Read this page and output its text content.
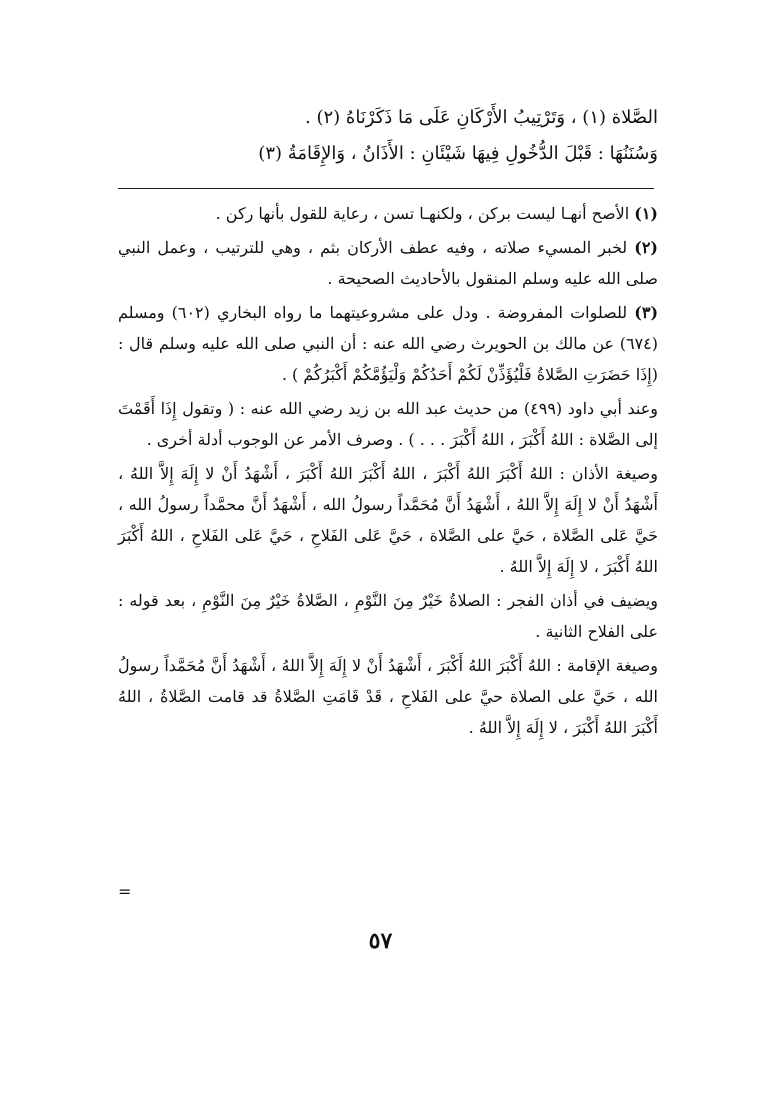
الصَّلاة (١) ، وَتَرْتِيبُ الأَرْكَانِ عَلَى مَا ذَكَرْنَاهُ (٢) .

وَسُنَنُهَا : قَبْلَ الدُّخُولِ فِيهَا شَيْئَانِ : الأَذَانُ ، وَالإِقَامَةُ (٣)

(١) الأصح أنهـا ليست بركن ، ولكنهـا تسن ، رعاية للقول بأنها ركن .

(٢) لخبر المسيء صلاته ، وفيه عطف الأركان بثم ، وهي للترتيب ، وعمل النبي صلى الله عليه وسلم المنقول بالأحاديث الصحيحة .

(٣) للصلوات المفروضة . ودل على مشروعيتهما ما رواه البخاري (٦٠٢) ومسلم (٦٧٤) عن مالك بن الحويرث رضي الله عنه : أن النبي صلى الله عليه وسلم قال : (إِذَا حَضَرَتِ الصَّلاةُ فَلْيُؤَذِّنْ لَكُمْ أَحَدُكُمْ وَلْيَؤُمَّكُمْ أَكْبَرُكُمْ ) .

وعند أبي داود (٤٩٩) من حديث عبد الله بن زيد رضي الله عنه : ( وتقول إِذَا أَقَمْتَ إلى الصَّلاة : اللهُ أَكْبَرَ ، اللهُ أَكْبَرَ . . . ) . وصرف الأمر عن الوجوب أدلة أخرى .

وصيغة الأذان : اللهُ أَكْبَرَ اللهُ أَكْبَرَ ، اللهُ أَكْبَرَ اللهُ أَكْبَرَ ، أَشْهَدُ أَنْ لا إِلَهَ إِلاَّ اللهُ ، أَشْهَدُ أَنْ لا إِلَهَ إِلاَّ اللهُ ، أَشْهَدُ أَنَّ مُحَمَّداً رسولُ الله ، أَشْهَدُ أَنَّ محمَّداً رسولُ الله ، حَيَّ عَلى الصَّلاة ، حَيَّ على الصَّلاة ، حَيَّ عَلى الفَلاحِ ، حَيَّ عَلى الفَلاحِ ، اللهُ أَكْبَرَ اللهُ أَكْبَرَ ، لا إِلَهَ إِلاَّ اللهُ .

ويضيف في أذان الفجر : الصلاةُ خَيْرٌ مِنَ النَّوْمِ ، الصَّلاةُ خَيْرٌ مِنَ النَّوْمِ ، بعد قوله : على الفلاح الثانية .

وصيغة الإقامة : اللهُ أَكْبَرَ اللهُ أَكْبَرَ ، أَشْهَدُ أَنْ لا إِلَهَ إِلاَّ اللهُ ، أَشْهَدُ أَنَّ مُحَمَّداً رسولُ الله ، حَيَّ على الصلاة حيَّ على الفَلاحِ ، قَدْ قَامَتِ الصَّلاةُ قد قامت الصَّلاةُ ، اللهُ أَكْبَرَ اللهُ أَكْبَرَ ، لا إِلَهَ إِلاَّ اللهُ .

=
٥٧
